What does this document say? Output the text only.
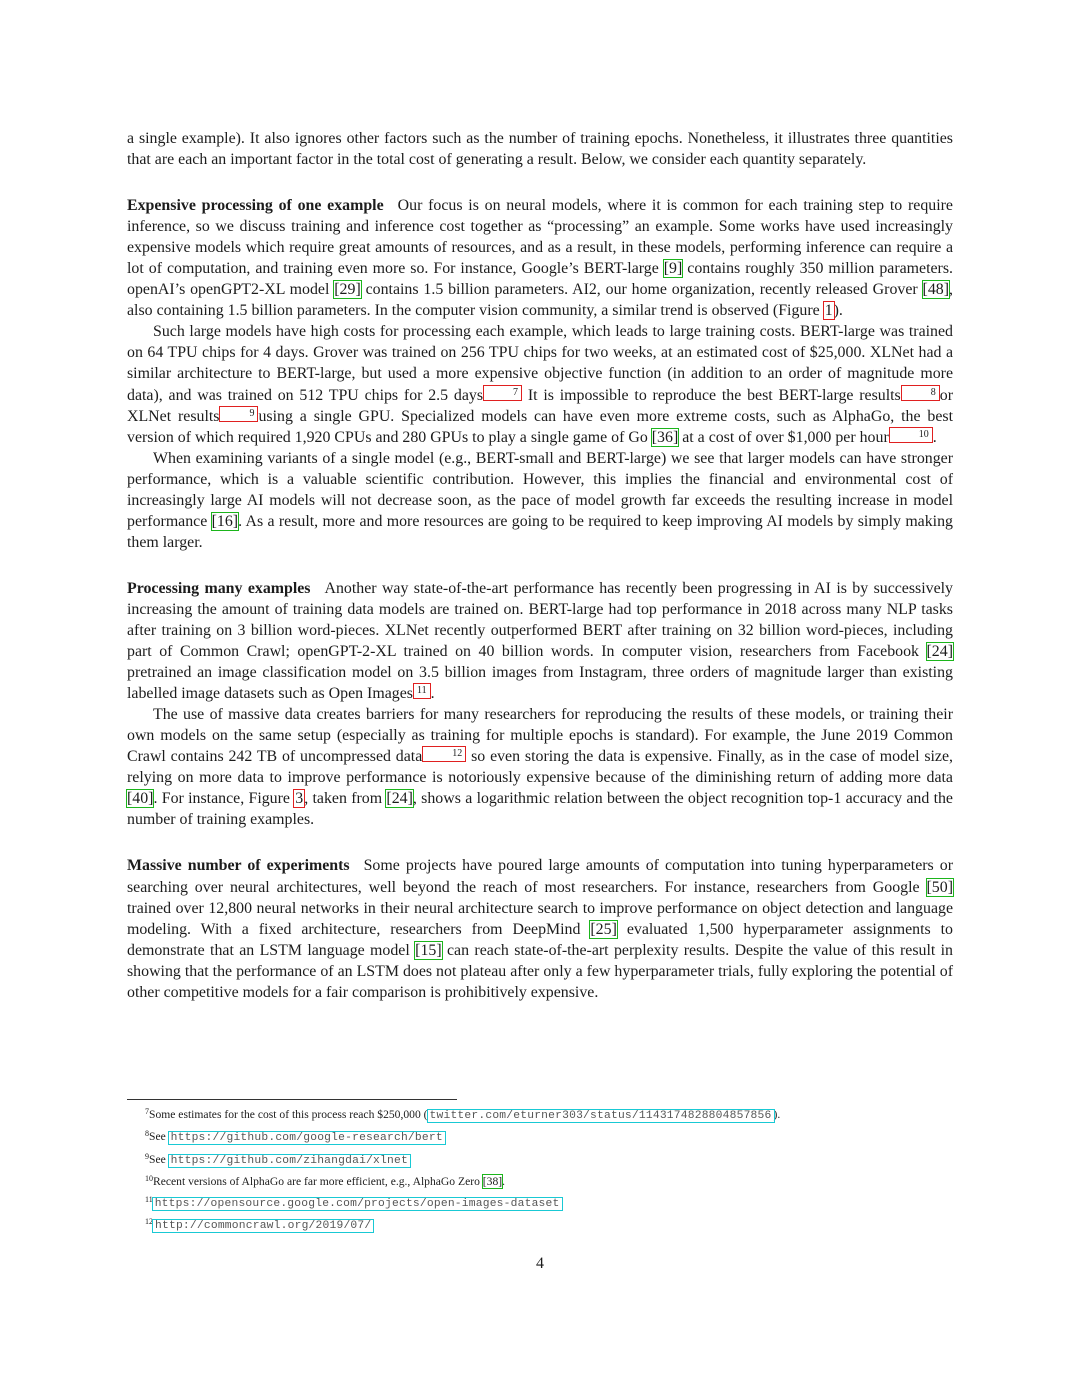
a single example). It also ignores other factors such as the number of training epochs. Nonetheless, it illustrates three quantities that are each an important factor in the total cost of generating a result. Below, we consider each quantity separately.

Expensive processing of one example Our focus is on neural models, where it is common for each training step to require inference, so we discuss training and inference cost together as “processing” an example. Some works have used increasingly expensive models which require great amounts of resources, and as a result, in these models, performing inference can require a lot of computation, and training even more so. For instance, Google’s BERT-large [9] contains roughly 350 million parameters. openAI’s openGPT2-XL model [29] contains 1.5 billion parameters. AI2, our home organization, recently released Grover [48], also containing 1.5 billion parameters. In the computer vision community, a similar trend is observed (Figure 1).

Such large models have high costs for processing each example, which leads to large training costs. BERT-large was trained on 64 TPU chips for 4 days. Grover was trained on 256 TPU chips for two weeks, at an estimated cost of $25,000. XLNet had a similar architecture to BERT-large, but used a more expensive objective function (in addition to an order of magnitude more data), and was trained on 512 TPU chips for 2.5 days	7 It is impossible to reproduce the best BERT-large results	8 or XLNet results	9 using a single GPU. Specialized models can have even more extreme costs, such as AlphaGo, the best version of which required 1,920 CPUs and 280 GPUs to play a single game of Go [36] at a cost of over $1,000 per hour	10 .

When examining variants of a single model (e.g., BERT-small and BERT-large) we see that larger models can have stronger performance, which is a valuable scientific contribution. However, this implies the financial and environmental cost of increasingly large AI models will not decrease soon, as the pace of model growth far exceeds the resulting increase in model performance [16]. As a result, more and more resources are going to be required to keep improving AI models by simply making them larger.

Processing many examples Another way state-of-the-art performance has recently been progressing in AI is by successively increasing the amount of training data models are trained on. BERT-large had top performance in 2018 across many NLP tasks after training on 3 billion word-pieces. XLNet recently outperformed BERT after training on 32 billion word-pieces, including part of Common Crawl; openGPT-2-XL trained on 40 billion words. In computer vision, researchers from Facebook [24] pretrained an image classification model on 3.5 billion images from Instagram, three orders of magnitude larger than existing labelled image datasets such as Open Images 11 .

The use of massive data creates barriers for many researchers for reproducing the results of these models, or training their own models on the same setup (especially as training for multiple epochs is standard). For example, the June 2019 Common Crawl contains 242 TB of uncompressed data	12 so even storing the data is expensive. Finally, as in the case of model size, relying on more data to improve performance is notoriously expensive because of the diminishing return of adding more data [40]. For instance, Figure 3, taken from [24], shows a logarithmic relation between the object recognition top-1 accuracy and the number of training examples.

Massive number of experiments Some projects have poured large amounts of computation into tuning hyperparameters or searching over neural architectures, well beyond the reach of most researchers. For instance, researchers from Google [50] trained over 12,800 neural networks in their neural architecture search to improve performance on object detection and language modeling. With a fixed architecture, researchers from DeepMind [25] evaluated 1,500 hyperparameter assignments to demonstrate that an LSTM language model [15] can reach state-of-the-art perplexity results. Despite the value of this result in showing that the performance of an LSTM does not plateau after only a few hyperparameter trials, fully exploring the potential of other competitive models for a fair comparison is prohibitively expensive.

$^7$Some estimates for the cost of this process reach $250,000 ( twitter.com/eturner303/status/1143174828804857856 ).
$^8$See https://github.com/google-research/bert
$^9$See https://github.com/zihangdai/xlnet
$^{10}$Recent versions of AlphaGo are far more efficient, e.g., AlphaGo Zero [38].
$^{11}$ https://opensource.google.com/projects/open-images-dataset
$^{12}$ http://commoncrawl.org/2019/07/
4
